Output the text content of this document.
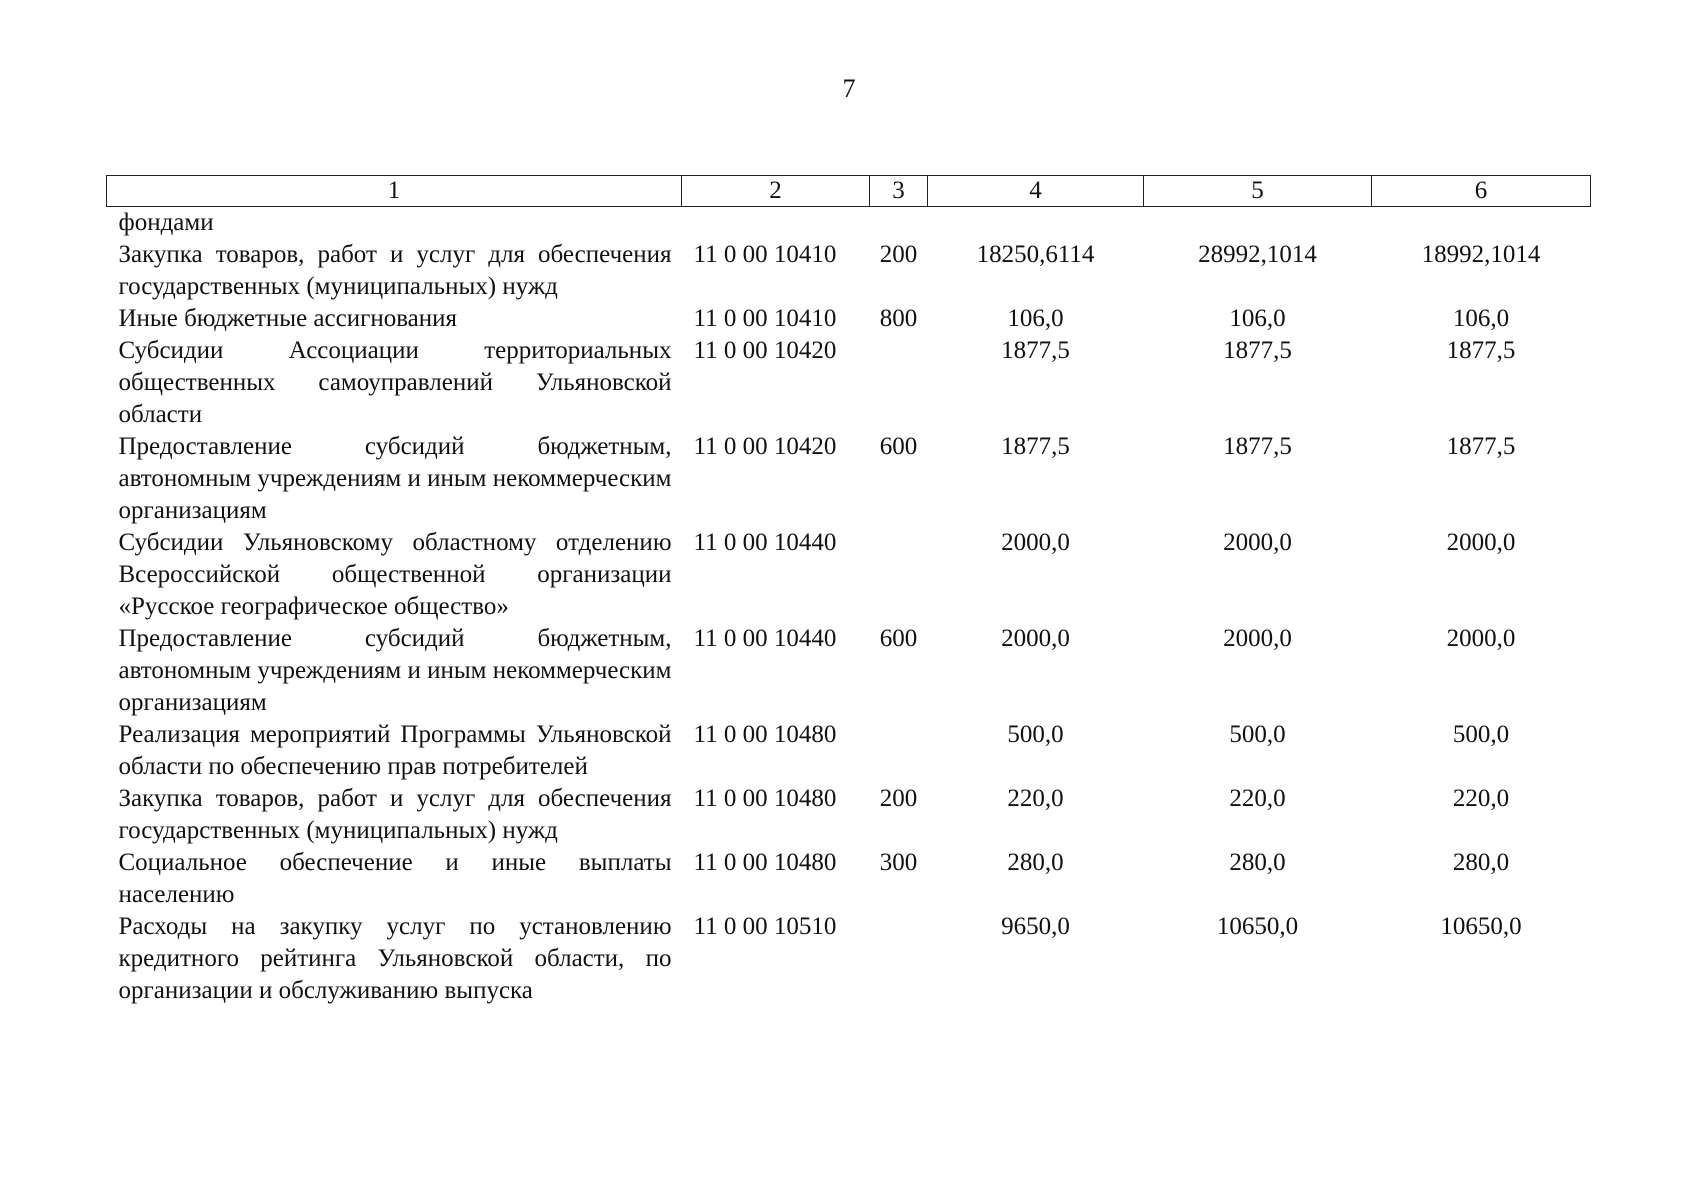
7
1	2	3	4	5	6
фондами					
Закупка товаров, работ и услуг для обеспечения государственных (муниципальных) нужд	11 0 00 10410	200	18250,6114	28992,1014	18992,1014
Иные бюджетные ассигнования	11 0 00 10410	800	106,0	106,0	106,0
Субсидии Ассоциации территориальных общественных самоуправлений Ульяновской области	11 0 00 10420		1877,5	1877,5	1877,5
Предоставление субсидий бюджетным, автономным учреждениям и иным некоммерческим организациям	11 0 00 10420	600	1877,5	1877,5	1877,5
Субсидии Ульяновскому областному отделению Всероссийской общественной организации «Русское географическое общество»	11 0 00 10440		2000,0	2000,0	2000,0
Предоставление субсидий бюджетным, автономным учреждениям и иным некоммерческим организациям	11 0 00 10440	600	2000,0	2000,0	2000,0
Реализация мероприятий Программы Ульяновской области по обеспечению прав потребителей	11 0 00 10480		500,0	500,0	500,0
Закупка товаров, работ и услуг для обеспечения государственных (муниципальных) нужд	11 0 00 10480	200	220,0	220,0	220,0
Социальное обеспечение и иные выплаты населению	11 0 00 10480	300	280,0	280,0	280,0
Расходы на закупку услуг по установлению кредитного рейтинга Ульяновской области, по организации и обслуживанию выпуска	11 0 00 10510		9650,0	10650,0	10650,0
